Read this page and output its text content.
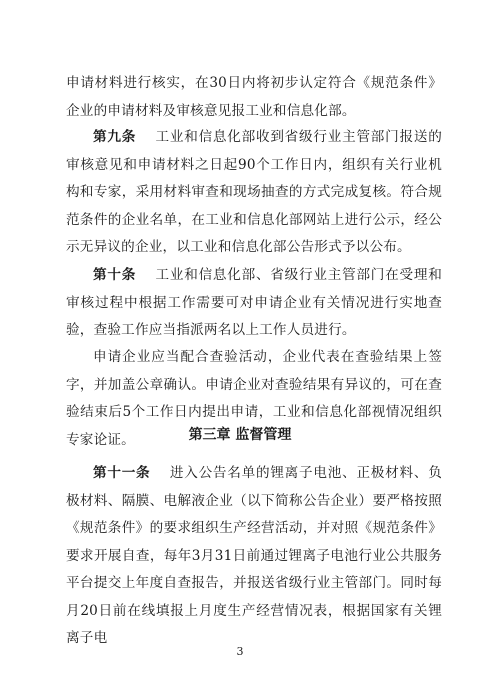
申请材料进行核实，在30日内将初步认定符合《规范条件》企业的申请材料及审核意见报工业和信息化部。

第九条　 工业和信息化部收到省级行业主管部门报送的审核意见和申请材料之日起90个工作日内，组织有关行业机构和专家，采用材料审查和现场抽查的方式完成复核。符合规范条件的企业名单，在工业和信息化部网站上进行公示，经公示无异议的企业，以工业和信息化部公告形式予以公布。

第十条　 工业和信息化部、省级行业主管部门在受理和审核过程中根据工作需要可对申请企业有关情况进行实地查验，查验工作应当指派两名以上工作人员进行。

申请企业应当配合查验活动，企业代表在查验结果上签字，并加盖公章确认。申请企业对查验结果有异议的，可在查验结束后5个工作日内提出申请，工业和信息化部视情况组织专家论证。	第三章 监督管理

第十一条　 进入公告名单的锂离子电池、正极材料、负极材料、隔膜、电解液企业（以下简称公告企业）要严格按照《规范条件》的要求组织生产经营活动，并对照《规范条件》要求开展自查，每年3月31日前通过锂离子电池行业公共服务平台提交上年度自查报告，并报送省级行业主管部门。同时每月20日前在线填报上月度生产经营情况表，根据国家有关锂离子电

3
